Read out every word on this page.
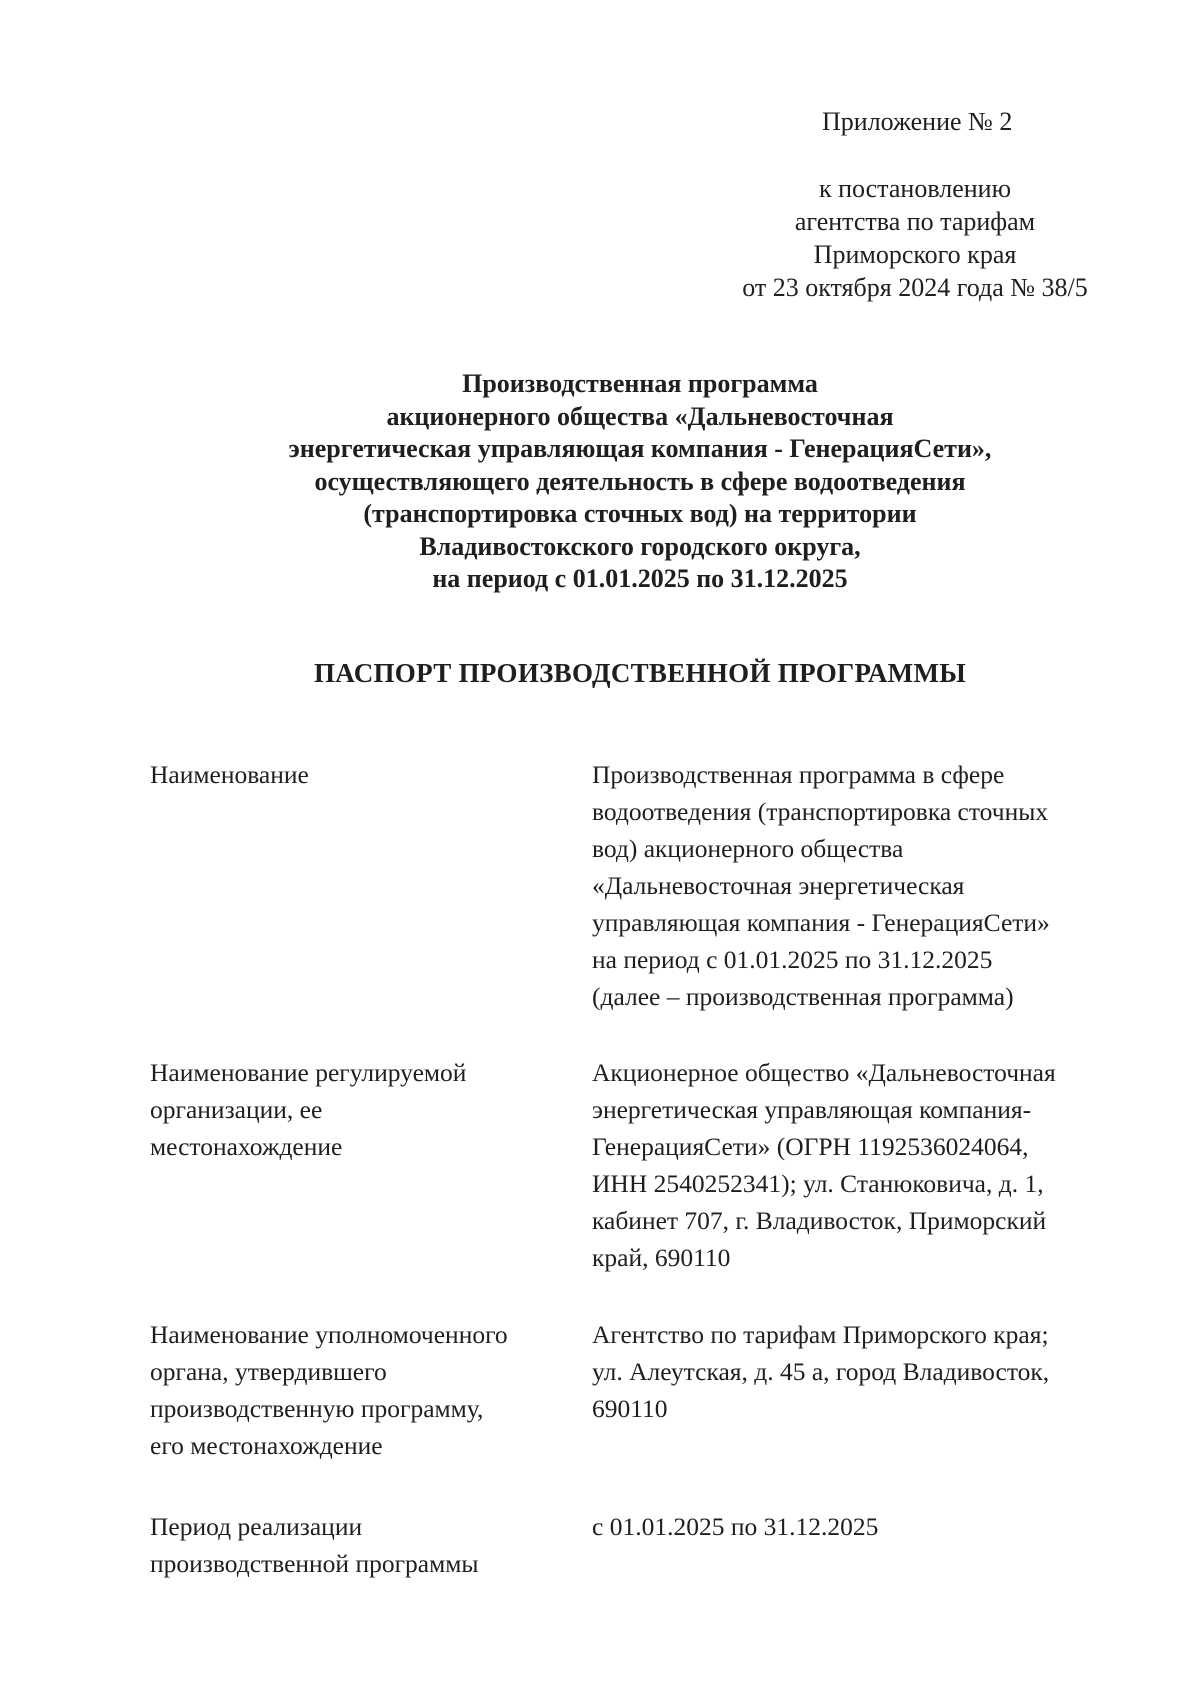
Приложение № 2
к постановлению
агентства по тарифам
Приморского края
от 23 октября 2024 года № 38/5
Производственная программа
акционерного общества «Дальневосточная
энергетическая управляющая компания - ГенерацияСети»,
осуществляющего деятельность в сфере водоотведения
(транспортировка сточных вод) на территории
Владивостокского городского округа,
на период с 01.01.2025 по 31.12.2025
ПАСПОРТ ПРОИЗВОДСТВЕННОЙ ПРОГРАММЫ
Наименование	Производственная программа в сфере
водоотведения (транспортировка сточных
вод) акционерного общества
«Дальневосточная энергетическая
управляющая компания - ГенерацияСети»
на период с 01.01.2025 по 31.12.2025
(далее – производственная программа)
Наименование регулируемой
организации, ее
местонахождение
Акционерное общество «Дальневосточная
энергетическая управляющая компания-
ГенерацияСети» (ОГРН 1192536024064,
ИНН 2540252341); ул. Станюковича, д. 1,
кабинет 707, г. Владивосток, Приморский
край, 690110
Наименование уполномоченного
органа, утвердившего
производственную программу,
его местонахождение
Агентство по тарифам Приморского края;
ул. Алеутская, д. 45 а, город Владивосток,
690110
Период реализации
производственной программы
с 01.01.2025 по 31.12.2025
